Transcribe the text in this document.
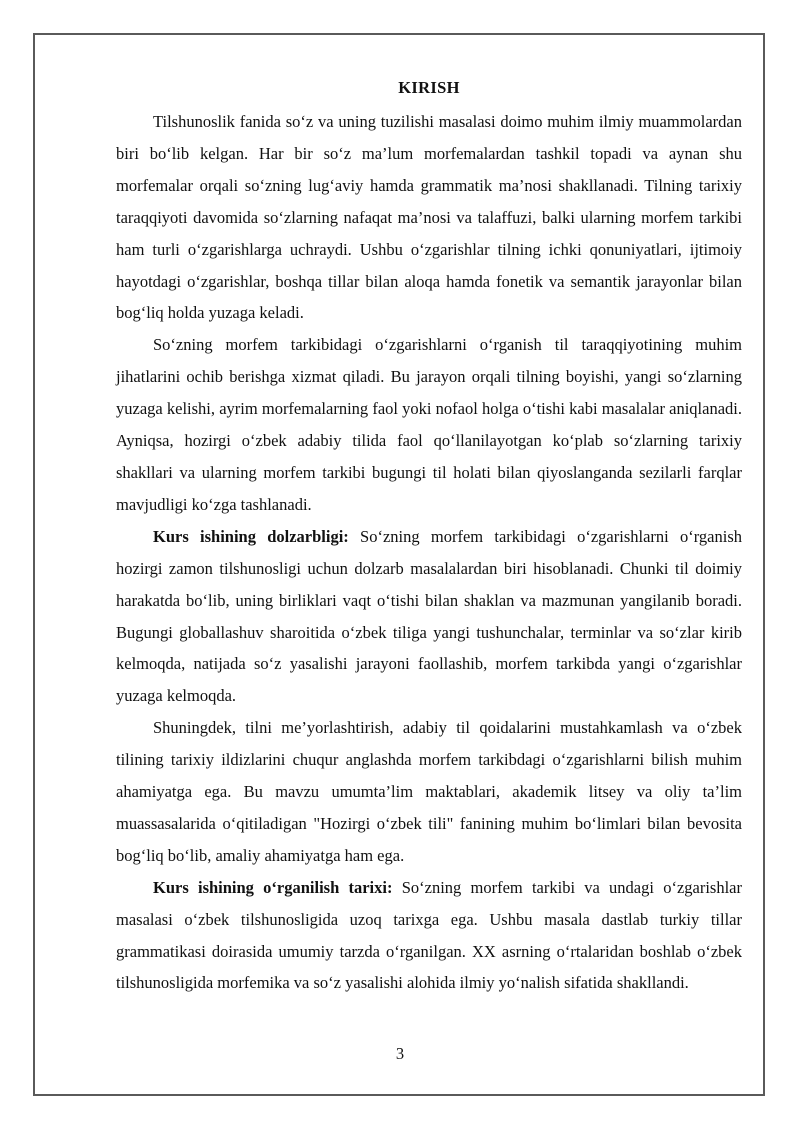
KIRISH

Tilshunoslik fanida so‘z va uning tuzilishi masalasi doimo muhim ilmiy muammolardan biri bo‘lib kelgan. Har bir so‘z ma’lum morfemalardan tashkil topadi va aynan shu morfemalar orqali so‘zning lug‘aviy hamda grammatik ma’nosi shakllanadi. Tilning tarixiy taraqqiyoti davomida so‘zlarning nafaqat ma’nosi va talaffuzi, balki ularning morfem tarkibi ham turli o‘zgarishlarga uchraydi. Ushbu o‘zgarishlar tilning ichki qonuniyatlari, ijtimoiy hayotdagi o‘zgarishlar, boshqa tillar bilan aloqa hamda fonetik va semantik jarayonlar bilan bog‘liq holda yuzaga keladi.

So‘zning morfem tarkibidagi o‘zgarishlarni o‘rganish til taraqqiyotining muhim jihatlarini ochib berishga xizmat qiladi. Bu jarayon orqali tilning boyishi, yangi so‘zlarning yuzaga kelishi, ayrim morfemalarning faol yoki nofaol holga o‘tishi kabi masalalar aniqlanadi. Ayniqsa, hozirgi o‘zbek adabiy tilida faol qo‘llanilayotgan ko‘plab so‘zlarning tarixiy shakllari va ularning morfem tarkibi bugungi til holati bilan qiyoslanganda sezilarli farqlar mavjudligi ko‘zga tashlanadi.

Kurs ishining dolzarbligi: So‘zning morfem tarkibidagi o‘zgarishlarni o‘rganish hozirgi zamon tilshunosligi uchun dolzarb masalalardan biri hisoblanadi. Chunki til doimiy harakatda bo‘lib, uning birliklari vaqt o‘tishi bilan shaklan va mazmunan yangilanib boradi. Bugungi globallashuv sharoitida o‘zbek tiliga yangi tushunchalar, terminlar va so‘zlar kirib kelmoqda, natijada so‘z yasalishi jarayoni faollashib, morfem tarkibda yangi o‘zgarishlar yuzaga kelmoqda.

Shuningdek, tilni me’yorlashtirish, adabiy til qoidalarini mustahkamlash va o‘zbek tilining tarixiy ildizlarini chuqur anglashda morfem tarkibdagi o‘zgarishlarni bilish muhim ahamiyatga ega. Bu mavzu umumta’lim maktablari, akademik litsey va oliy ta’lim muassasalarida o‘qitiladigan "Hozirgi o‘zbek tili" fanining muhim bo‘limlari bilan bevosita bog‘liq bo‘lib, amaliy ahamiyatga ham ega.

Kurs ishining o‘rganilish tarixi: So‘zning morfem tarkibi va undagi o‘zgarishlar masalasi o‘zbek tilshunosligida uzoq tarixga ega. Ushbu masala dastlab turkiy tillar grammatikasi doirasida umumiy tarzda o‘rganilgan. XX asrning o‘rtalaridan boshlab o‘zbek tilshunosligida morfemika va so‘z yasalishi alohida ilmiy yo‘nalish sifatida shakllandi.

3
